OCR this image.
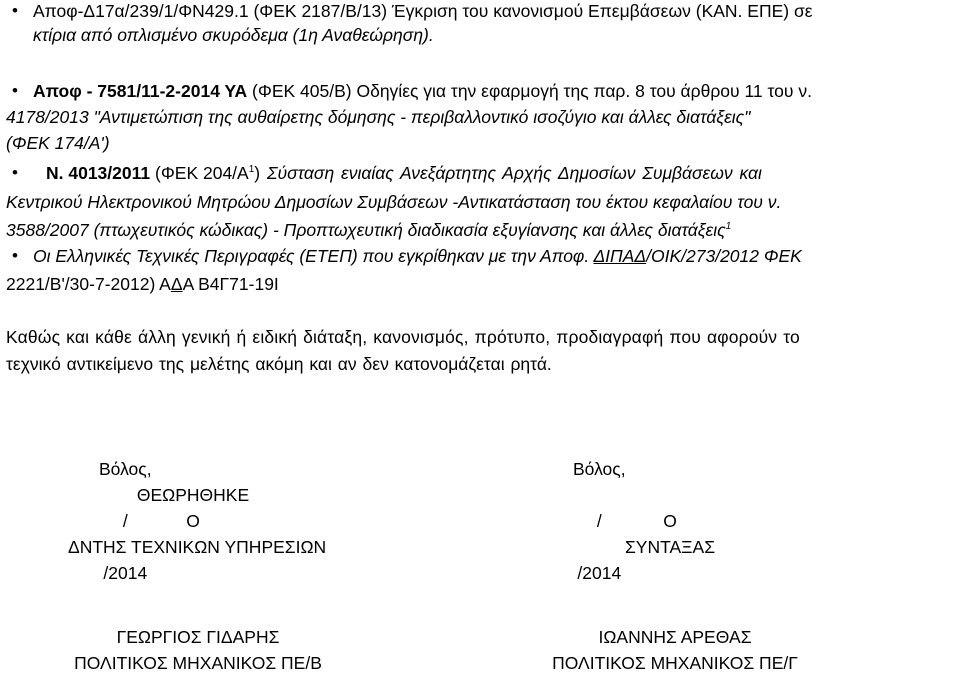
• Αποφ-Δ17α/239/1/ΦΝ429.1 (ΦΕΚ 2187/Β/13) Έγκριση του κανονισμού Επεμβάσεων (ΚΑΝ. ΕΠΕ) σε
κτίρια από οπλισμένο σκυρόδεμα (1η Αναθεώρηση).
• Αποφ - 7581/11-2-2014 ΥΑ (ΦΕΚ 405/Β) Οδηγίες για την εφαρμογή της παρ. 8 του άρθρου 11 του ν.
4178/2013 "Αντιμετώπιση της αυθαίρετης δόμησης - περιβαλλοντικό ισοζύγιο και άλλες διατάξεις"
(ΦΕΚ 174/Α')
• Ν. 4013/2011 (ΦΕΚ $204/A^1$) Σύσταση ενιαίας Ανεξάρτητης Αρχής Δημοσίων Συμβάσεων και
Κεντρικού Ηλεκτρονικού Μητρώου Δημοσίων Συμβάσεων -Αντικατάσταση του έκτου κεφαλαίου του ν.
3588/2007 (πτωχευτικός κώδικας) - Προπτωχευτική διαδικασία εξυγίανσης και άλλες διατάξεις$^1$
• Οι Ελληνικές Τεχνικές Περιγραφές (ΕΤΕΠ) που εγκρίθηκαν με την Αποφ. ΔΙΠΑΔ/ΟΙΚ/273/2012 ΦΕΚ
2221/Β'/30-7-2012) ΑΔΑ Β4Γ71-19Ι
Καθώς και κάθε άλλη γενική ή ειδική διάταξη, κανονισμός, πρότυπο, προδιαγραφή που αφορούν το
τεχνικό αντικείμενο της μελέτης ακόμη και αν δεν κατονομάζεται ρητά.
Βόλος,

/

/2014
ΘΕΩΡΗΘΗΚΕ
Ο
ΔΝΤΗΣ ΤΕΧΝΙΚΩΝ ΥΠΗΡΕΣΙΩΝ
ΓΕΩΡΓΙΟΣ ΓΙΔΑΡΗΣ
ΠΟΛΙΤΙΚΟΣ ΜΗΧΑΝΙΚΟΣ ΠΕ/Β
Βόλος,

/

/2014
Ο
ΣΥΝΤΑΞΑΣ
ΙΩΑΝΝΗΣ ΑΡΕΘΑΣ
ΠΟΛΙΤΙΚΟΣ ΜΗΧΑΝΙΚΟΣ ΠΕ/Γ
